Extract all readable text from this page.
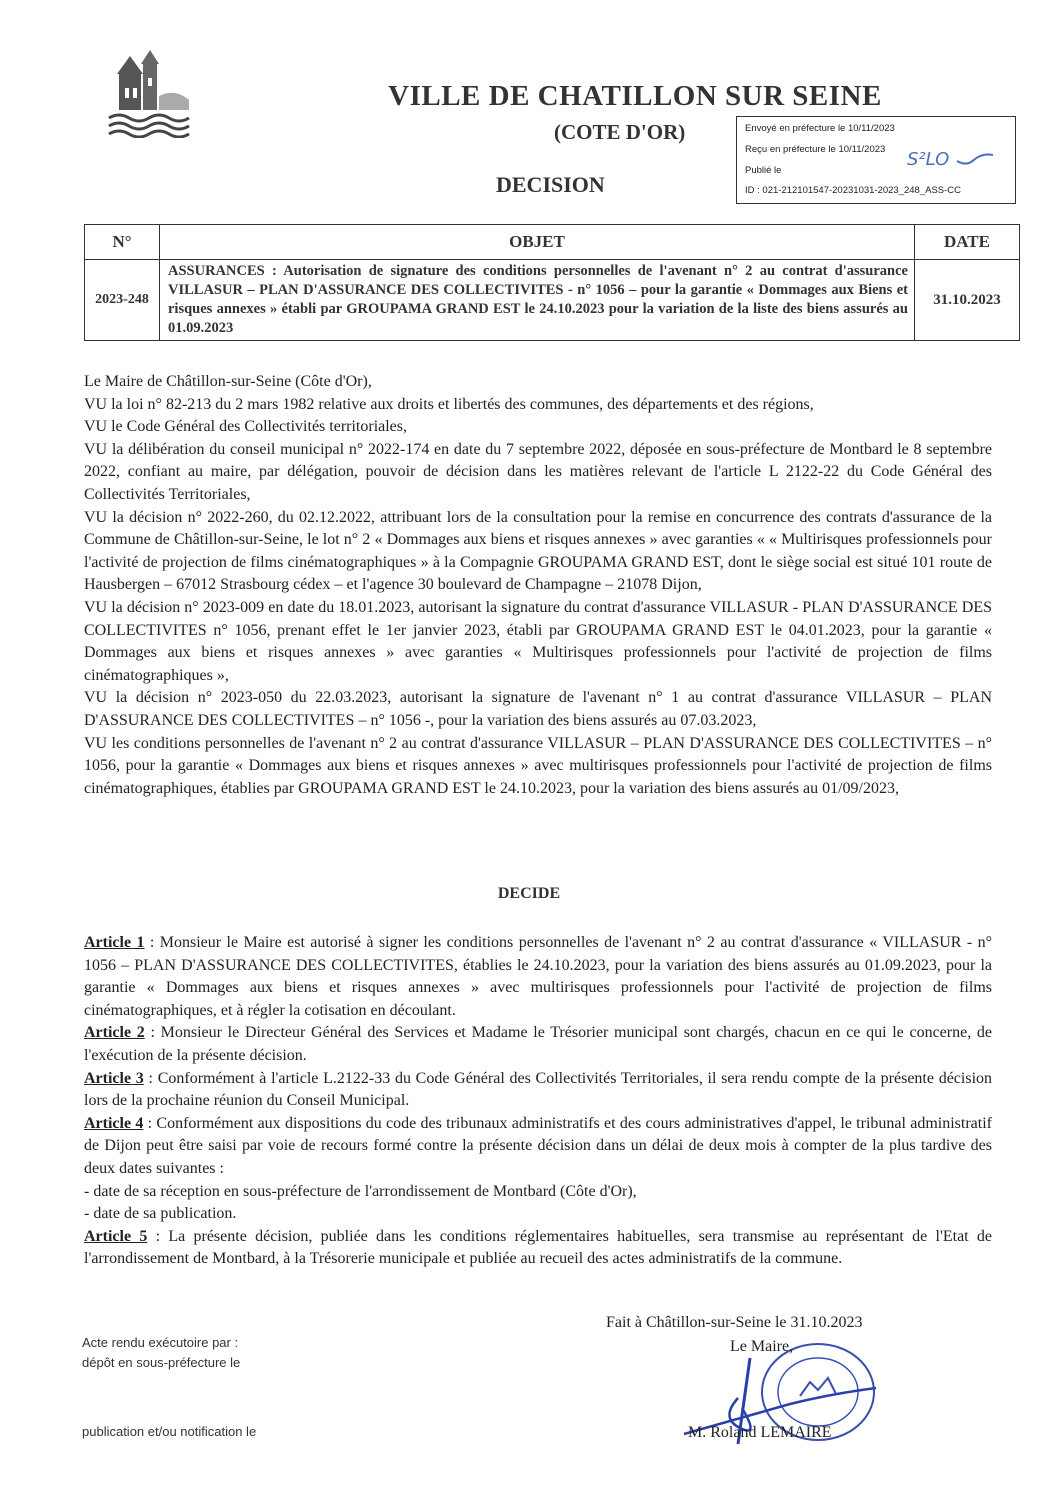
VILLE DE CHATILLON SUR SEINE
(COTE D'OR)
DECISION
Envoyé en préfecture le 10/11/2023
Reçu en préfecture le 10/11/2023
Publié le
ID : 021-212101547-20231031-2023_248_ASS-CC
S²LO
N°	OBJET	DATE
2023-248	ASSURANCES : Autorisation de signature des conditions personnelles de l'avenant n° 2 au contrat d'assurance VILLASUR – PLAN D'ASSURANCE DES COLLECTIVITES - n° 1056 – pour la garantie « Dommages aux Biens et risques annexes » établi par GROUPAMA GRAND EST le 24.10.2023 pour la variation de la liste des biens assurés au 01.09.2023	31.10.2023

Le Maire de Châtillon-sur-Seine (Côte d'Or),

VU la loi n° 82-213 du 2 mars 1982 relative aux droits et libertés des communes, des départements et des régions,

VU le Code Général des Collectivités territoriales,

VU la délibération du conseil municipal n° 2022-174 en date du 7 septembre 2022, déposée en sous-préfecture de Montbard le 8 septembre 2022, confiant au maire, par délégation, pouvoir de décision dans les matières relevant de l'article L 2122-22 du Code Général des Collectivités Territoriales,

VU la décision n° 2022-260, du 02.12.2022, attribuant lors de la consultation pour la remise en concurrence des contrats d'assurance de la Commune de Châtillon-sur-Seine, le lot n° 2 « Dommages aux biens et risques annexes » avec garanties « « Multirisques professionnels pour l'activité de projection de films cinématographiques » à la Compagnie GROUPAMA GRAND EST, dont le siège social est situé 101 route de Hausbergen – 67012 Strasbourg cédex – et l'agence 30 boulevard de Champagne – 21078 Dijon,

VU la décision n° 2023-009 en date du 18.01.2023, autorisant la signature du contrat d'assurance VILLASUR - PLAN D'ASSURANCE DES COLLECTIVITES n° 1056, prenant effet le 1er janvier 2023, établi par GROUPAMA GRAND EST le 04.01.2023, pour la garantie « Dommages aux biens et risques annexes » avec garanties « Multirisques professionnels pour l'activité de projection de films cinématographiques »,

VU la décision n° 2023-050 du 22.03.2023, autorisant la signature de l'avenant n° 1 au contrat d'assurance VILLASUR – PLAN D'ASSURANCE DES COLLECTIVITES – n° 1056 -, pour la variation des biens assurés au 07.03.2023,

VU les conditions personnelles de l'avenant n° 2 au contrat d'assurance VILLASUR – PLAN D'ASSURANCE DES COLLECTIVITES – n° 1056, pour la garantie « Dommages aux biens et risques annexes » avec multirisques professionnels pour l'activité de projection de films cinématographiques, établies par GROUPAMA GRAND EST le 24.10.2023, pour la variation des biens assurés au 01/09/2023,

DECIDE

Article 1 : Monsieur le Maire est autorisé à signer les conditions personnelles de l'avenant n° 2 au contrat d'assurance « VILLASUR - n° 1056 – PLAN D'ASSURANCE DES COLLECTIVITES, établies le 24.10.2023, pour la variation des biens assurés au 01.09.2023, pour la garantie « Dommages aux biens et risques annexes » avec multirisques professionnels pour l'activité de projection de films cinématographiques, et à régler la cotisation en découlant.

Article 2 : Monsieur le Directeur Général des Services et Madame le Trésorier municipal sont chargés, chacun en ce qui le concerne, de l'exécution de la présente décision.

Article 3 : Conformément à l'article L.2122-33 du Code Général des Collectivités Territoriales, il sera rendu compte de la présente décision lors de la prochaine réunion du Conseil Municipal.

Article 4 : Conformément aux dispositions du code des tribunaux administratifs et des cours administratives d'appel, le tribunal administratif de Dijon peut être saisi par voie de recours formé contre la présente décision dans un délai de deux mois à compter de la plus tardive des deux dates suivantes :

- date de sa réception en sous-préfecture de l'arrondissement de Montbard (Côte d'Or),

- date de sa publication.

Article 5 : La présente décision, publiée dans les conditions réglementaires habituelles, sera transmise au représentant de l'Etat de l'arrondissement de Montbard, à la Trésorerie municipale et publiée au recueil des actes administratifs de la commune.

Fait à Châtillon-sur-Seine le 31.10.2023
Le Maire,
M. Roland LEMAIRE
Acte rendu exécutoire par :
dépôt en sous-préfecture le
publication et/ou notification le
